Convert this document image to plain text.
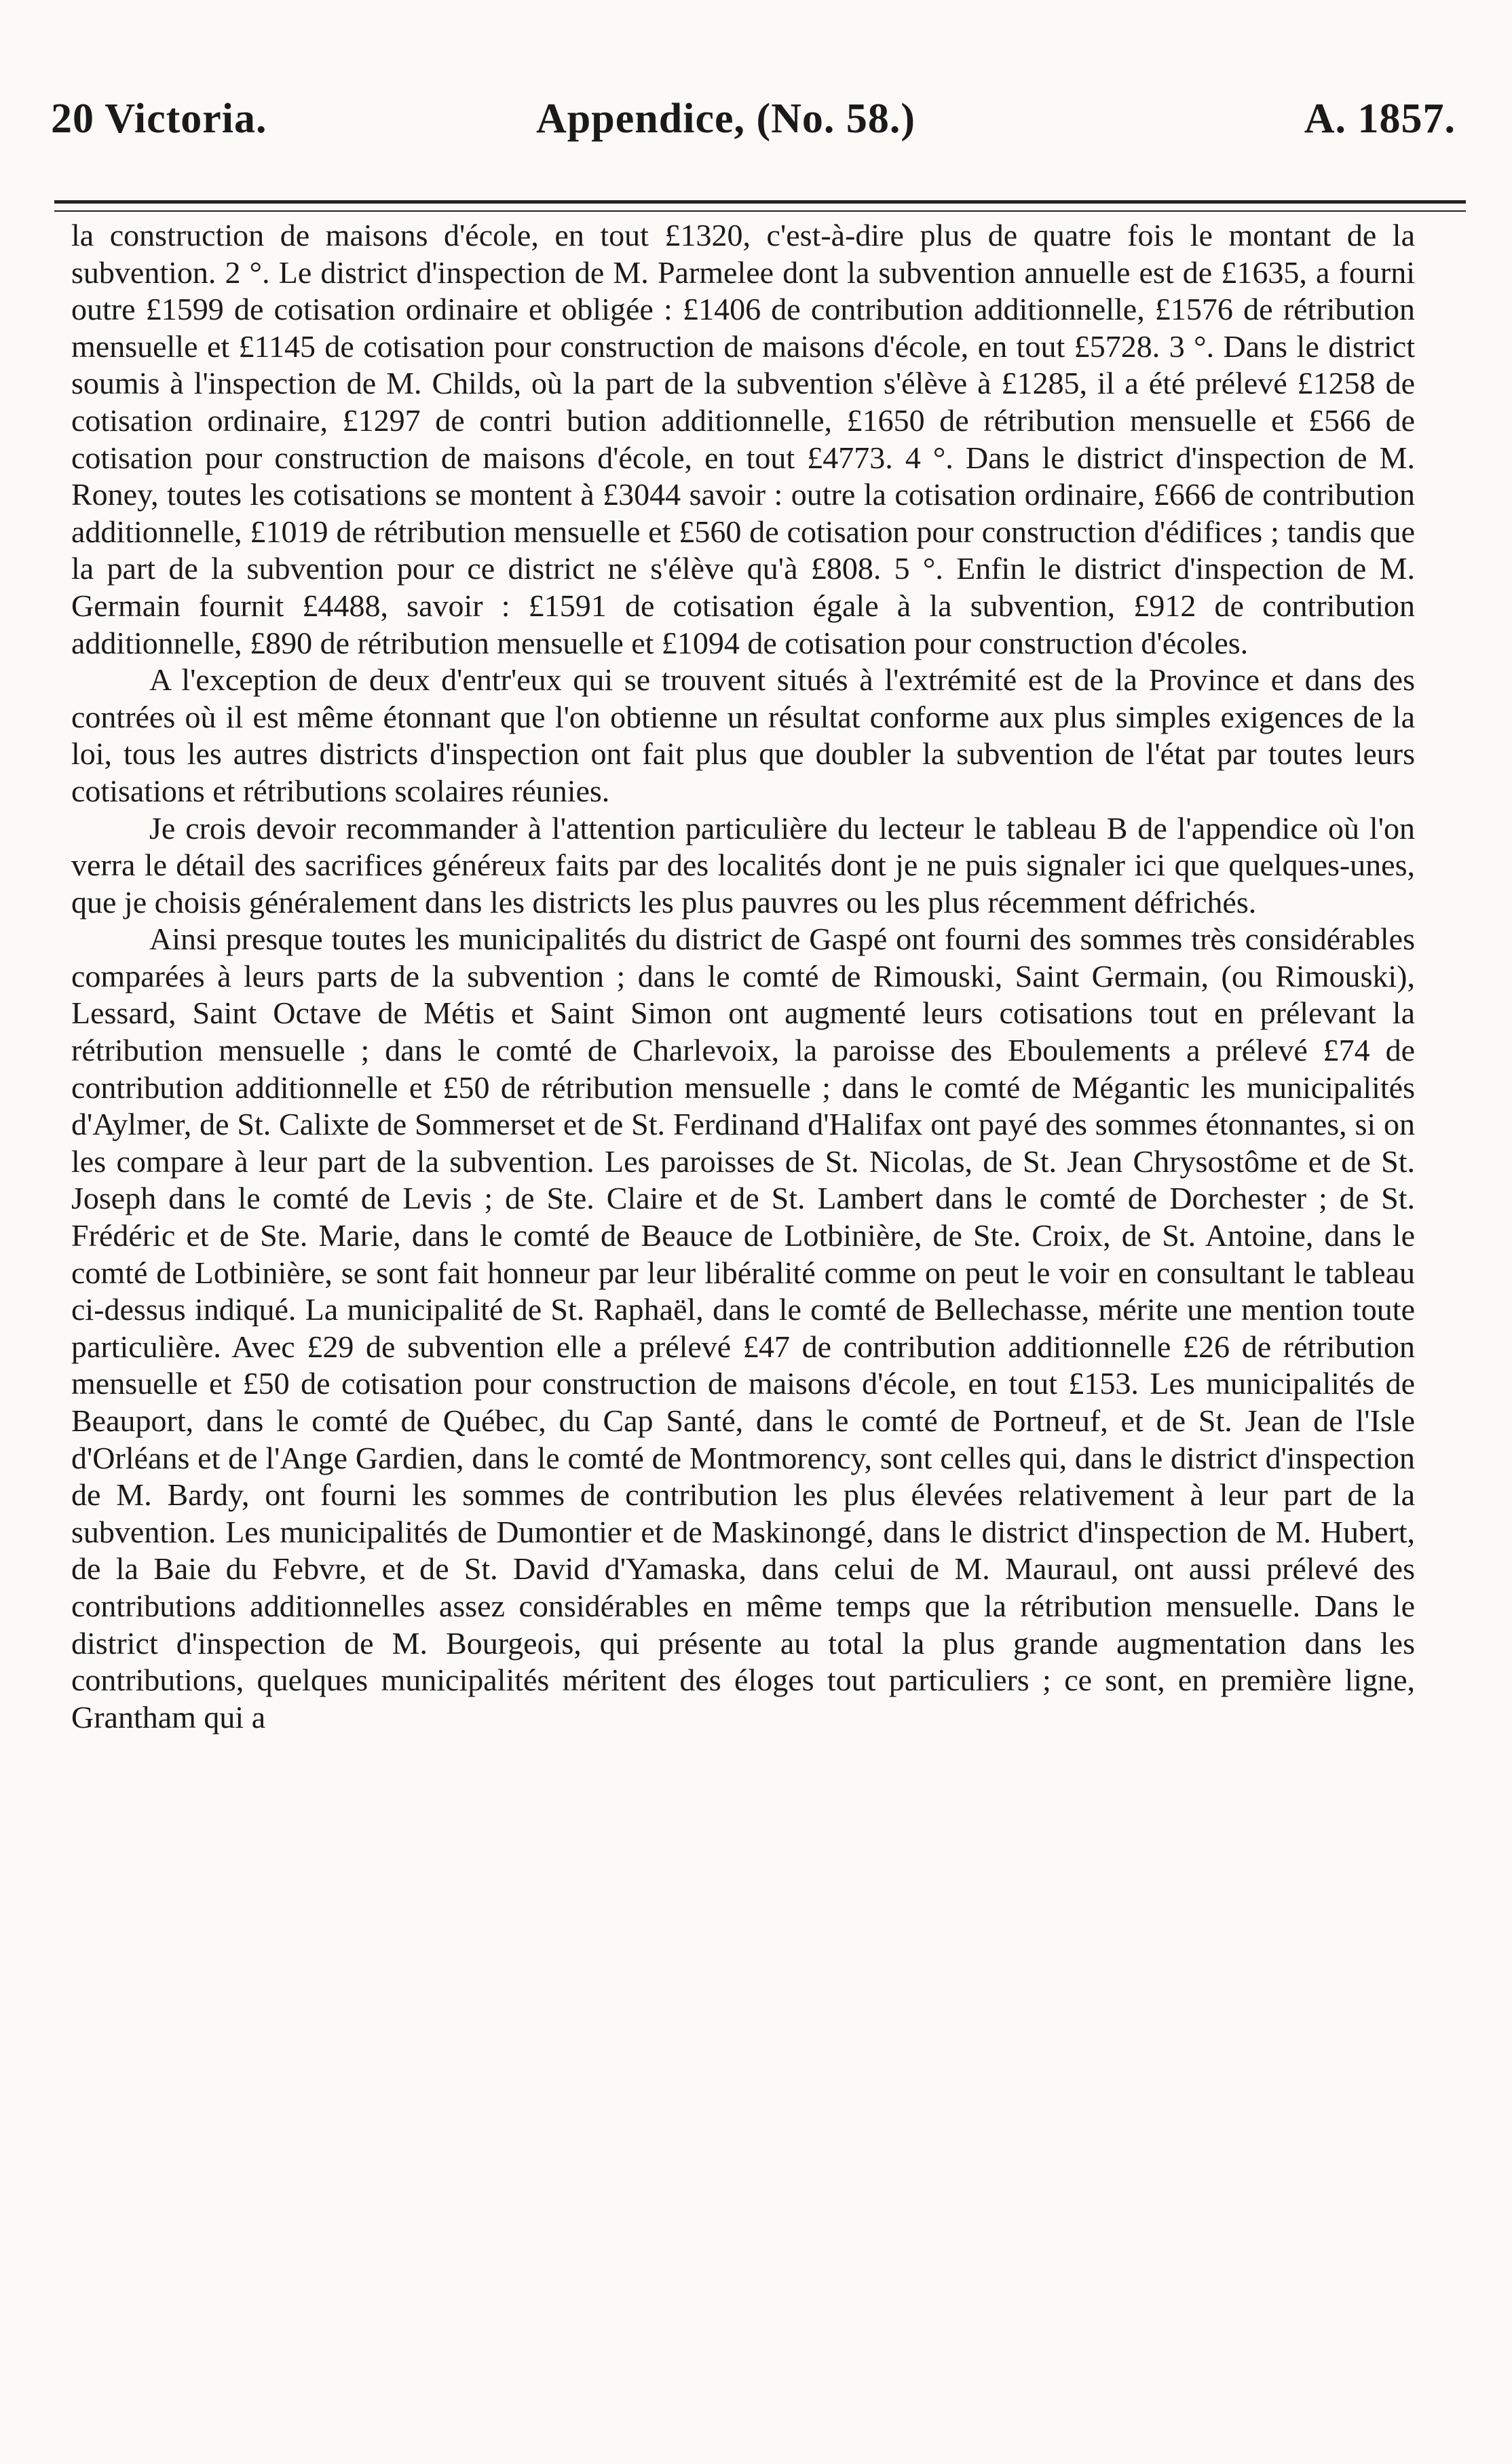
20 Victoria.	Appendice, (No. 58.)	A. 1857.

la construction de maisons d'école, en tout £1320, c'est-à-dire plus de quatre fois le montant de la subvention. 2 °. Le district d'inspection de M. Parmelee dont la subvention annuelle est de £1635, a fourni outre £1599 de cotisation ordinaire et obligée : £1406 de contribution additionnelle, £1576 de rétribution mensuelle et £1145 de cotisation pour construction de maisons d'école, en tout £5728. 3 °. Dans le district soumis à l'inspection de M. Childs, où la part de la subvention s'élève à £1285, il a été prélevé £1258 de cotisation ordinaire, £1297 de contri bution additionnelle, £1650 de rétribution mensuelle et £566 de cotisation pour construction de maisons d'école, en tout £4773. 4 °. Dans le district d'inspection de M. Roney, toutes les cotisations se montent à £3044 savoir : outre la cotisation ordinaire, £666 de contribution additionnelle, £1019 de rétribution mensuelle et £560 de cotisation pour construction d'édifices ; tandis que la part de la subvention pour ce district ne s'élève qu'à £808. 5 °. Enfin le district d'inspection de M. Germain fournit £4488, savoir : £1591 de cotisation égale à la subvention, £912 de contribution additionnelle, £890 de rétribution mensuelle et £1094 de cotisation pour construction d'écoles.

A l'exception de deux d'entr'eux qui se trouvent situés à l'extrémité est de la Province et dans des contrées où il est même étonnant que l'on obtienne un résultat conforme aux plus simples exigences de la loi, tous les autres districts d'inspection ont fait plus que doubler la subvention de l'état par toutes leurs cotisations et rétributions scolaires réunies.

Je crois devoir recommander à l'attention particulière du lecteur le tableau B de l'appendice où l'on verra le détail des sacrifices généreux faits par des localités dont je ne puis signaler ici que quelques-unes, que je choisis généralement dans les districts les plus pauvres ou les plus récemment défrichés.

Ainsi presque toutes les municipalités du district de Gaspé ont fourni des sommes très considérables comparées à leurs parts de la subvention ; dans le comté de Rimouski, Saint Germain, (ou Rimouski), Lessard, Saint Octave de Métis et Saint Simon ont augmenté leurs cotisations tout en prélevant la rétribution mensuelle ; dans le comté de Charlevoix, la paroisse des Eboulements a prélevé £74 de contribution additionnelle et £50 de rétribution mensuelle ; dans le comté de Mégantic les municipalités d'Aylmer, de St. Calixte de Sommerset et de St. Ferdinand d'Halifax ont payé des sommes étonnantes, si on les compare à leur part de la subvention. Les paroisses de St. Nicolas, de St. Jean Chrysostôme et de St. Joseph dans le comté de Levis ; de Ste. Claire et de St. Lambert dans le comté de Dorchester ; de St. Frédéric et de Ste. Marie, dans le comté de Beauce de Lotbinière, de Ste. Croix, de St. Antoine, dans le comté de Lotbinière, se sont fait honneur par leur libéralité comme on peut le voir en consultant le tableau ci-dessus indiqué. La municipalité de St. Raphaël, dans le comté de Bellechasse, mérite une mention toute particulière. Avec £29 de subvention elle a prélevé £47 de contribution additionnelle £26 de rétribution mensuelle et £50 de cotisation pour construction de maisons d'école, en tout £153. Les municipalités de Beauport, dans le comté de Québec, du Cap Santé, dans le comté de Portneuf, et de St. Jean de l'Isle d'Orléans et de l'Ange Gardien, dans le comté de Montmorency, sont celles qui, dans le district d'inspection de M. Bardy, ont fourni les sommes de contribution les plus élevées relativement à leur part de la subvention. Les municipalités de Dumontier et de Maskinongé, dans le district d'inspection de M. Hubert, de la Baie du Febvre, et de St. David d'Yamaska, dans celui de M. Mauraul, ont aussi prélevé des contributions additionnelles assez considérables en même temps que la rétribution mensuelle. Dans le district d'inspection de M. Bourgeois, qui présente au total la plus grande augmentation dans les contributions, quelques municipalités méritent des éloges tout particuliers ; ce sont, en première ligne, Grantham qui a
